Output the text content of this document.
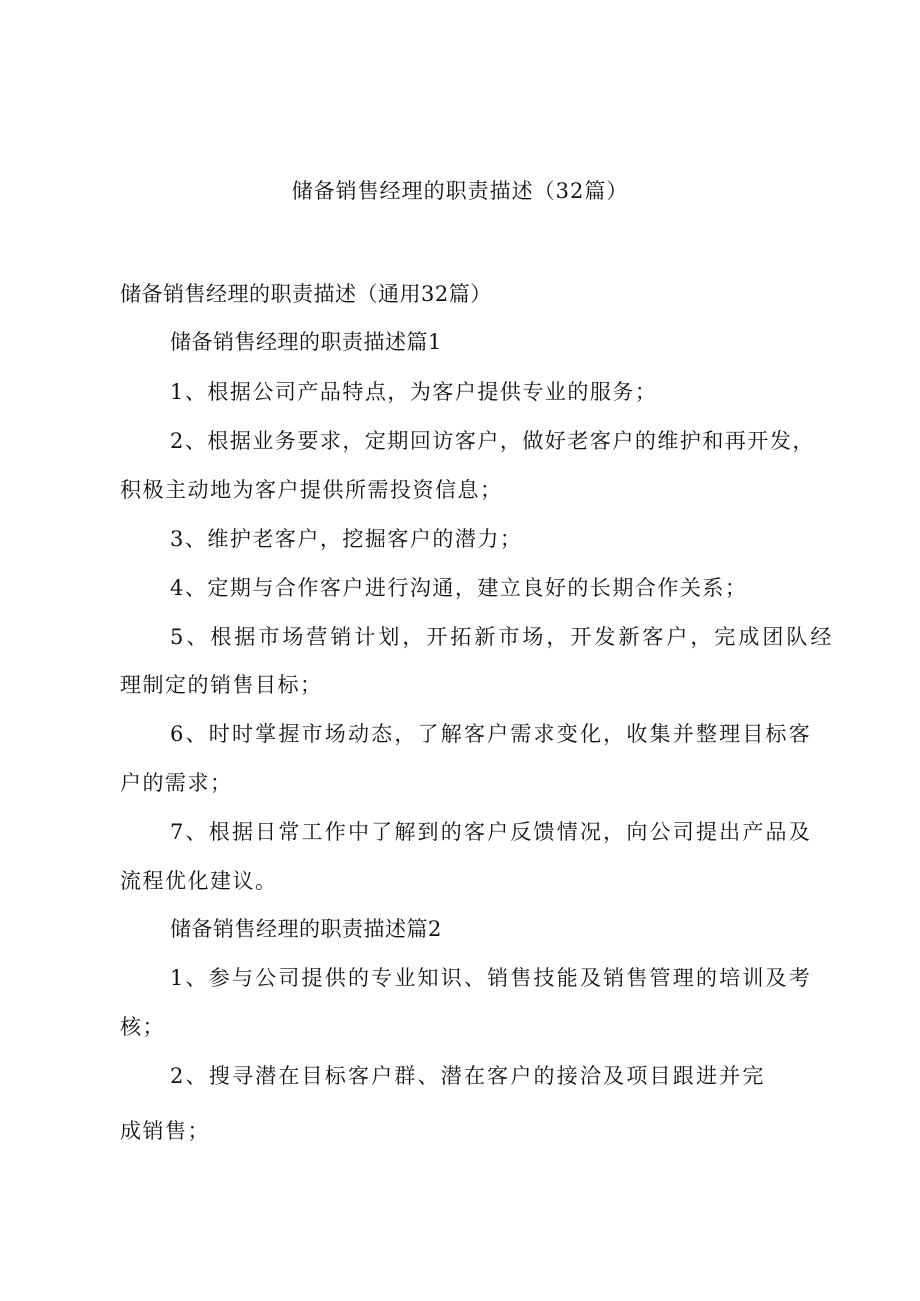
储备销售经理的职责描述（32篇）
储备销售经理的职责描述（通用32篇）
储备销售经理的职责描述篇1
1、根据公司产品特点，为客户提供专业的服务；
2、根据业务要求，定期回访客户，做好老客户的维护和再开发，
积极主动地为客户提供所需投资信息；
3、维护老客户，挖掘客户的潜力；
4、定期与合作客户进行沟通，建立良好的长期合作关系；
5、根据市场营销计划，开拓新市场，开发新客户，完成团队经
理制定的销售目标；
6、时时掌握市场动态，了解客户需求变化，收集并整理目标客
户的需求；
7、根据日常工作中了解到的客户反馈情况，向公司提出产品及
流程优化建议。
储备销售经理的职责描述篇2
1、参与公司提供的专业知识、销售技能及销售管理的培训及考
核；
2、搜寻潜在目标客户群、潜在客户的接洽及项目跟进并完
成销售；
